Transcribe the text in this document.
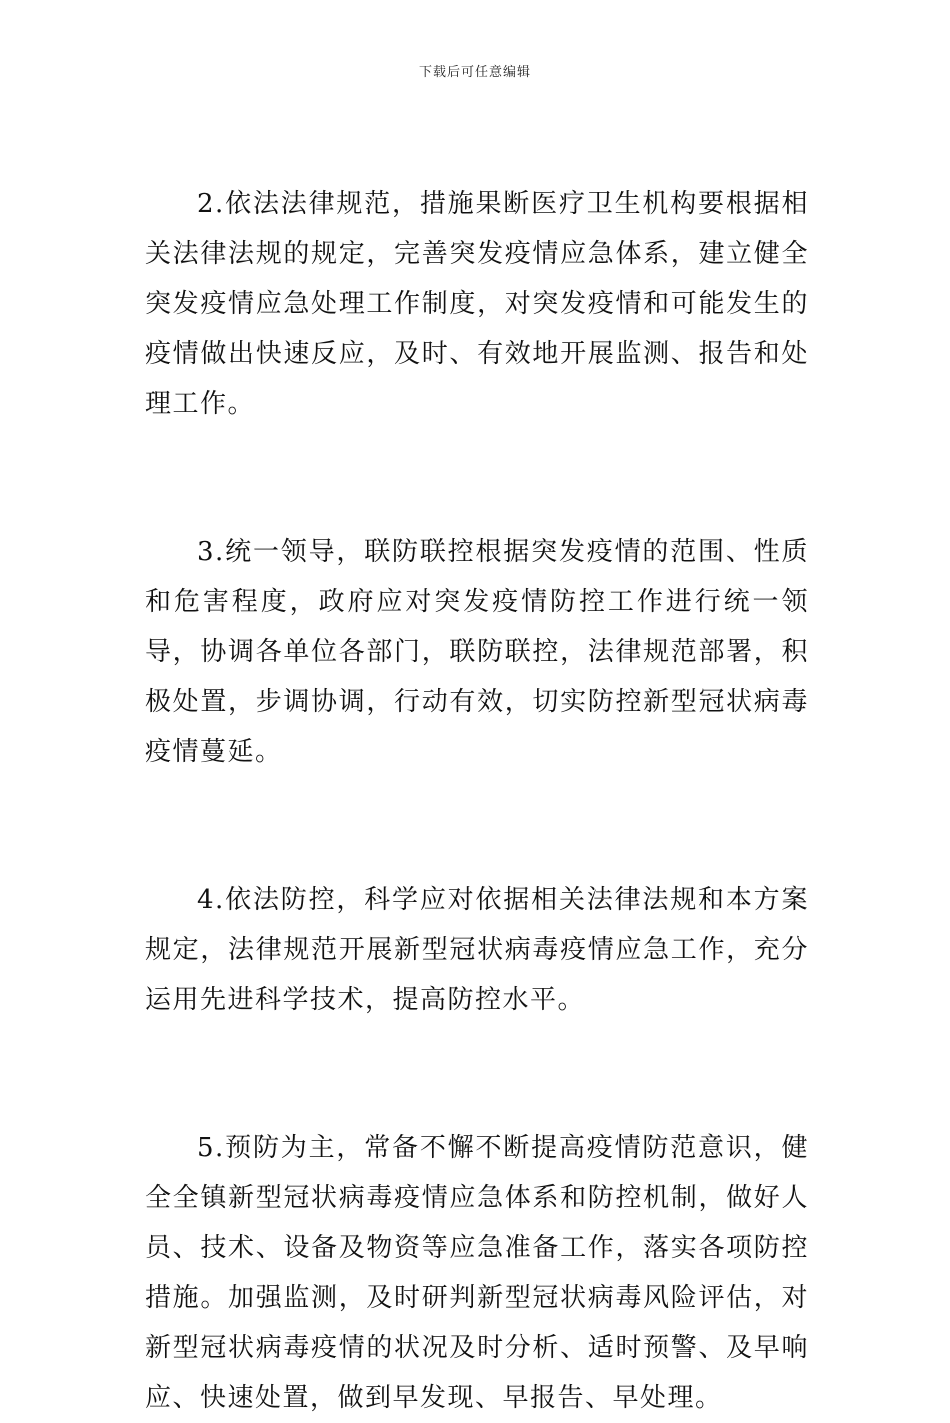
下载后可任意编辑

2.依法法律规范，措施果断医疗卫生机构要根据相关法律法规的规定，完善突发疫情应急体系，建立健全突发疫情应急处理工作制度，对突发疫情和可能发生的疫情做出快速反应，及时、有效地开展监测、报告和处理工作。

3.统一领导，联防联控根据突发疫情的范围、性质和危害程度，政府应对突发疫情防控工作进行统一领导，协调各单位各部门，联防联控，法律规范部署，积极处置，步调协调，行动有效，切实防控新型冠状病毒疫情蔓延。

4.依法防控，科学应对依据相关法律法规和本方案规定，法律规范开展新型冠状病毒疫情应急工作，充分运用先进科学技术，提高防控水平。

5.预防为主，常备不懈不断提高疫情防范意识，健全全镇新型冠状病毒疫情应急体系和防控机制，做好人员、技术、设备及物资等应急准备工作，落实各项防控措施。加强监测，及时研判新型冠状病毒风险评估，对新型冠状病毒疫情的状况及时分析、适时预警、及早响应、快速处置，做到早发现、早报告、早处理。
